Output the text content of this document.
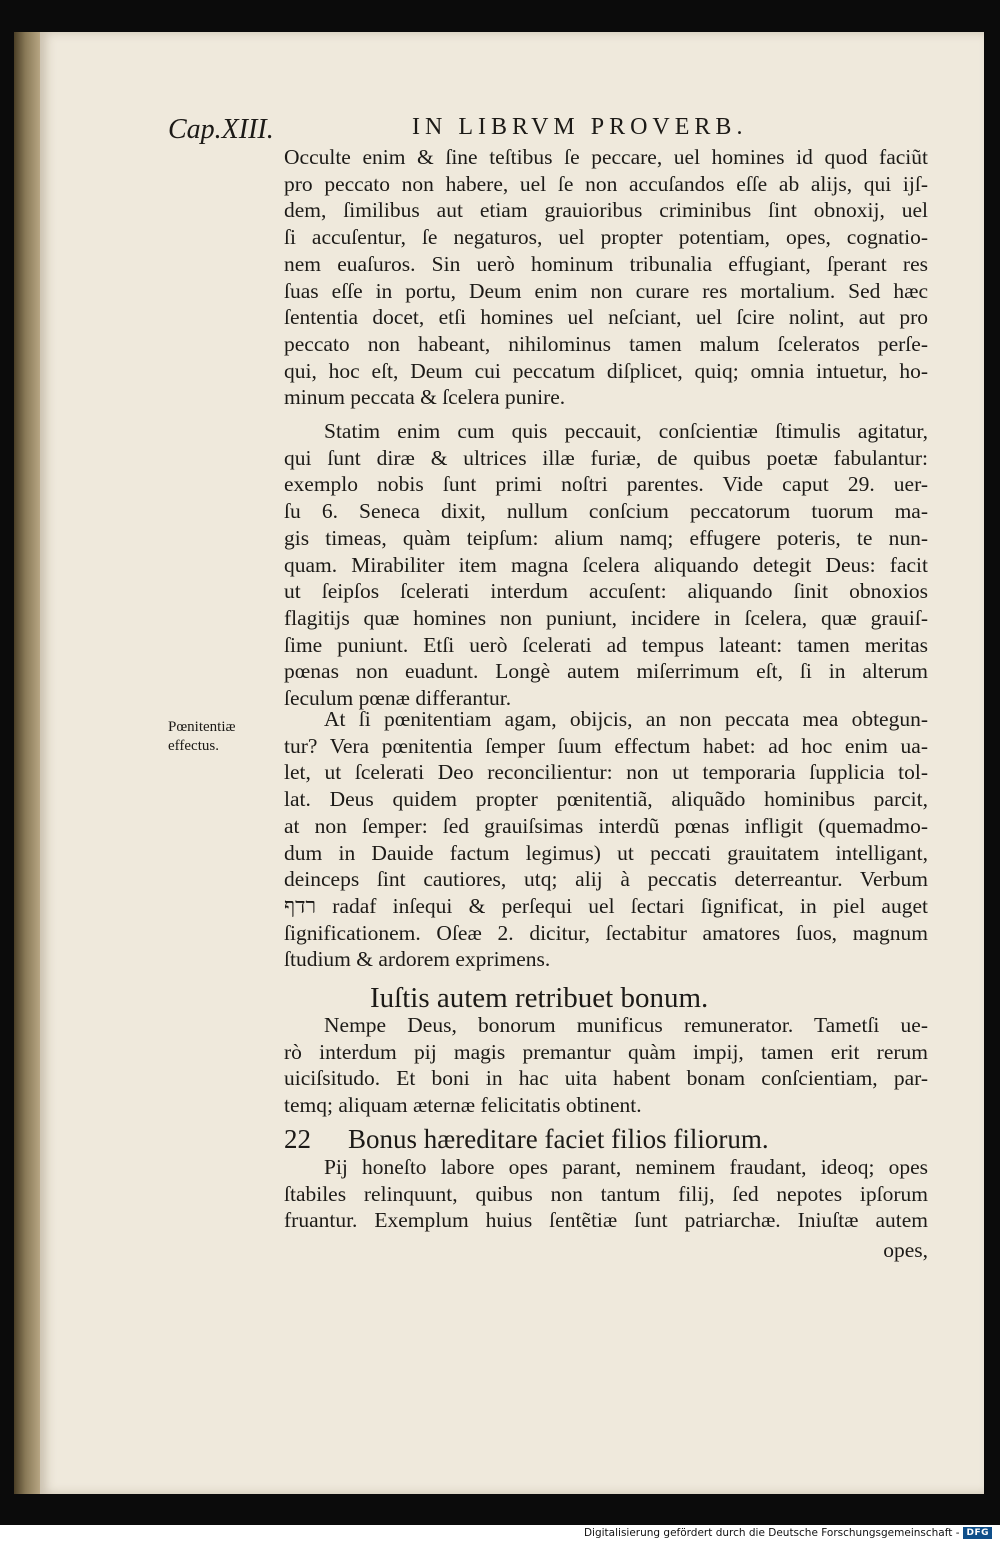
Cap.XIII.	IN LIBRVM PROVERB.
Occulte enim & ſine teſtibus ſe peccare, uel homines id quod faciũt
pro peccato non habere, uel ſe non accuſandos eſſe ab alijs, qui ijſ-
dem, ſimilibus aut etiam grauioribus criminibus ſint obnoxij, uel
ſi accuſentur, ſe negaturos, uel propter potentiam, opes, cognatio-
nem euaſuros. Sin uerò hominum tribunalia effugiant, ſperant res
ſuas eſſe in portu, Deum enim non curare res mortalium. Sed hæc
ſententia docet, etſi homines uel neſciant, uel ſcire nolint, aut pro
peccato non habeant, nihilominus tamen malum ſceleratos perſe-
qui, hoc eſt, Deum cui peccatum diſplicet, quiq; omnia intuetur, ho-
minum peccata & ſcelera punire.
Statim enim cum quis peccauit, conſcientiæ ſtimulis agitatur,
qui ſunt diræ & ultrices illæ furiæ, de quibus poetæ fabulantur:
exemplo nobis ſunt primi noſtri parentes. Vide caput 29. uer-
ſu 6. Seneca dixit, nullum conſcium peccatorum tuorum ma-
gis timeas, quàm teipſum: alium namq; effugere poteris, te nun-
quam. Mirabiliter item magna ſcelera aliquando detegit Deus: facit
ut ſeipſos ſcelerati interdum accuſent: aliquando ſinit obnoxios
flagitijs quæ homines non puniunt, incidere in ſcelera, quæ grauiſ-
ſime puniunt. Etſi uerò ſcelerati ad tempus lateant: tamen meritas
pœnas non euadunt. Longè autem miſerrimum eſt, ſi in alterum
ſeculum pœnæ differantur.
Pœnitentiæ
effectus.
At ſi pœnitentiam agam, obijcis, an non peccata mea obtegun-
tur? Vera pœnitentia ſemper ſuum effectum habet: ad hoc enim ua-
let, ut ſcelerati Deo reconcilientur: non ut temporaria ſupplicia tol-
lat. Deus quidem propter pœnitentiã, aliquãdo hominibus parcit,
at non ſemper: ſed grauiſsimas interdũ pœnas infligit (quemadmo-
dum in Dauide factum legimus) ut peccati grauitatem intelligant,
deinceps ſint cautiores, utq; alij à peccatis deterreantur. Verbum
רדף radaf inſequi & perſequi uel ſectari ſignificat, in piel auget
ſignificationem. Oſeæ 2. dicitur, ſectabitur amatores ſuos, magnum
ſtudium & ardorem exprimens.
Iuſtis autem retribuet bonum.
Nempe Deus, bonorum munificus remunerator. Tametſi ue-
rò interdum pij magis premantur quàm impij, tamen erit rerum
uiciſsitudo. Et boni in hac uita habent bonam conſcientiam, par-
temq; aliquam æternæ felicitatis obtinent.
22 Bonus hæreditare faciet filios filiorum.
Pij honeſto labore opes parant, neminem fraudant, ideoq; opes
ſtabiles relinquunt, quibus non tantum filij, ſed nepotes ipſorum
fruantur. Exemplum huius ſentẽtiæ ſunt patriarchæ. Iniuſtæ autem
opes,
Digitalisierung gefördert durch die Deutsche Forschungsgemeinschaft - DFG
